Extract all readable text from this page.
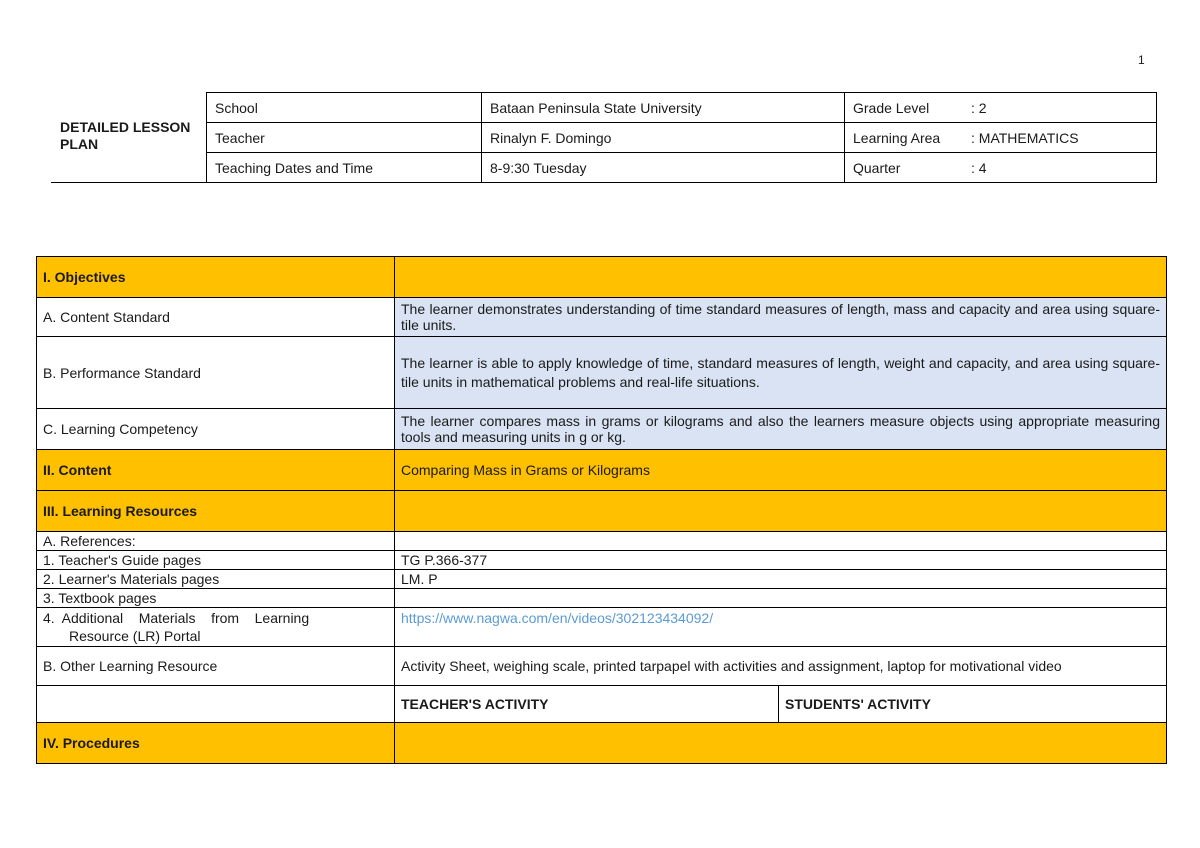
1
DETAILED LESSON PLAN
School	Bataan Peninsula State University	Grade Level : 2
Teacher	Rinalyn F. Domingo	Learning Area : MATHEMATICS
Teaching Dates and Time	8-9:30 Tuesday	Quarter : 4
I. Objectives		
A. Content Standard	The learner demonstrates understanding of time standard measures of length, mass and capacity and area using square-tile units.	
B. Performance Standard	The learner is able to apply knowledge of time, standard measures of length, weight and capacity, and area using square-tile units in mathematical problems and real-life situations.	
C. Learning Competency	The learner compares mass in grams or kilograms and also the learners measure objects using appropriate measuring tools and measuring units in g or kg.	
II. Content	Comparing Mass in Grams or Kilograms	
III. Learning Resources		
A. References:		
1. Teacher's Guide pages	TG P.366-377	
2. Learner's Materials pages	LM. P	
3. Textbook pages		

4.  Additional    Materials    from    Learning
Resource (LR) Portal	https://www.nagwa.com/en/videos/302123434092/	
B. Other Learning Resource	Activity Sheet, weighing scale, printed tarpapel with activities and assignment, laptop for motivational video	
	TEACHER'S ACTIVITY	STUDENTS' ACTIVITY
IV. Procedures		
